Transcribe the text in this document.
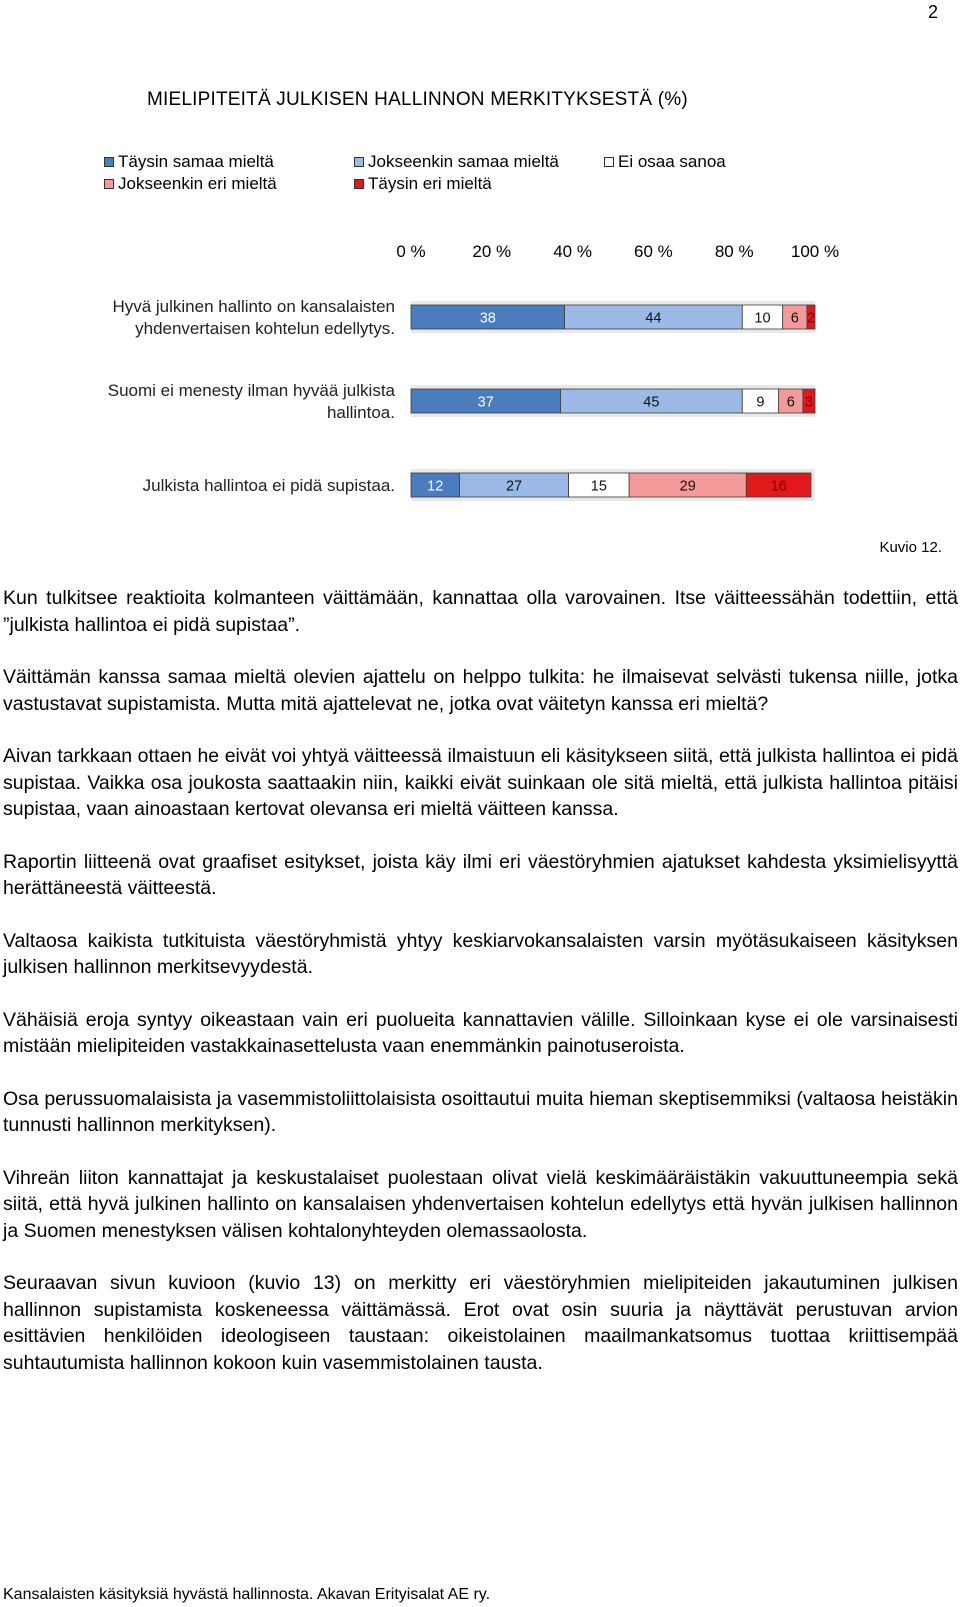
2
MIELIPITEITÄ JULKISEN HALLINNON MERKITYKSESTÄ (%)
Täysin samaa mieltä	Jokseenkin samaa mieltä	Ei osaa sanoa
Jokseenkin eri mieltä	Täysin eri mieltä
0 %	20 % 40 % 60 % 80 % 100 %
Hyvä julkinen hallinto on kansalaisten
yhdenvertaisen kohtelun edellytys.
Suomi ei menesty ilman hyvää julkista
hallintoa.
Julkista hallintoa ei pidä supistaa.
38	44	10 6 2
37	45	9 6 3
12	27	15	29	16
Kuvio 12.

Kun tulkitsee reaktioita kolmanteen väittämään, kannattaa olla varovainen. Itse väitteessähän todettiin, että ”julkista hallintoa ei pidä supistaa”.

Väittämän kanssa samaa mieltä olevien ajattelu on helppo tulkita: he ilmaisevat selvästi tukensa niille, jotka vastustavat supistamista. Mutta mitä ajattelevat ne, jotka ovat väitetyn kanssa eri mieltä?

Aivan tarkkaan ottaen he eivät voi yhtyä väitteessä ilmaistuun eli käsitykseen siitä, että julkista hallintoa ei pidä supistaa. Vaikka osa joukosta saattaakin niin, kaikki eivät suinkaan ole sitä mieltä, että julkista hallintoa pitäisi supistaa, vaan ainoastaan kertovat olevansa eri mieltä väitteen kanssa.

Raportin liitteenä ovat graafiset esitykset, joista käy ilmi eri väestöryhmien ajatukset kahdesta yksimielisyyttä herättäneestä väitteestä.

Valtaosa kaikista tutkituista väestöryhmistä yhtyy keskiarvokansalaisten varsin myötäsukaiseen käsityksen julkisen hallinnon merkitsevyydestä.

Vähäisiä eroja syntyy oikeastaan vain eri puolueita kannattavien välille. Silloinkaan kyse ei ole varsinaisesti mistään mielipiteiden vastakkainasettelusta vaan enemmänkin painotuseroista.

Osa perussuomalaisista ja vasemmistoliittolaisista osoittautui muita hieman skeptisemmiksi (valtaosa heistäkin tunnusti hallinnon merkityksen).

Vihreän liiton kannattajat ja keskustalaiset puolestaan olivat vielä keskimääräistäkin vakuuttuneempia sekä siitä, että hyvä julkinen hallinto on kansalaisen yhdenvertaisen kohtelun edellytys että hyvän julkisen hallinnon ja Suomen menestyksen välisen kohtalonyhteyden olemassaolosta.

Seuraavan sivun kuvioon (kuvio 13) on merkitty eri väestöryhmien mielipiteiden jakautuminen julkisen hallinnon supistamista koskeneessa väittämässä. Erot ovat osin suuria ja näyttävät perustuvan arvion esittävien henkilöiden ideologiseen taustaan: oikeistolainen maailmankatsomus tuottaa kriittisempää suhtautumista hallinnon kokoon kuin vasemmistolainen tausta.

Kansalaisten käsityksiä hyvästä hallinnosta. Akavan Erityisalat AE ry.
